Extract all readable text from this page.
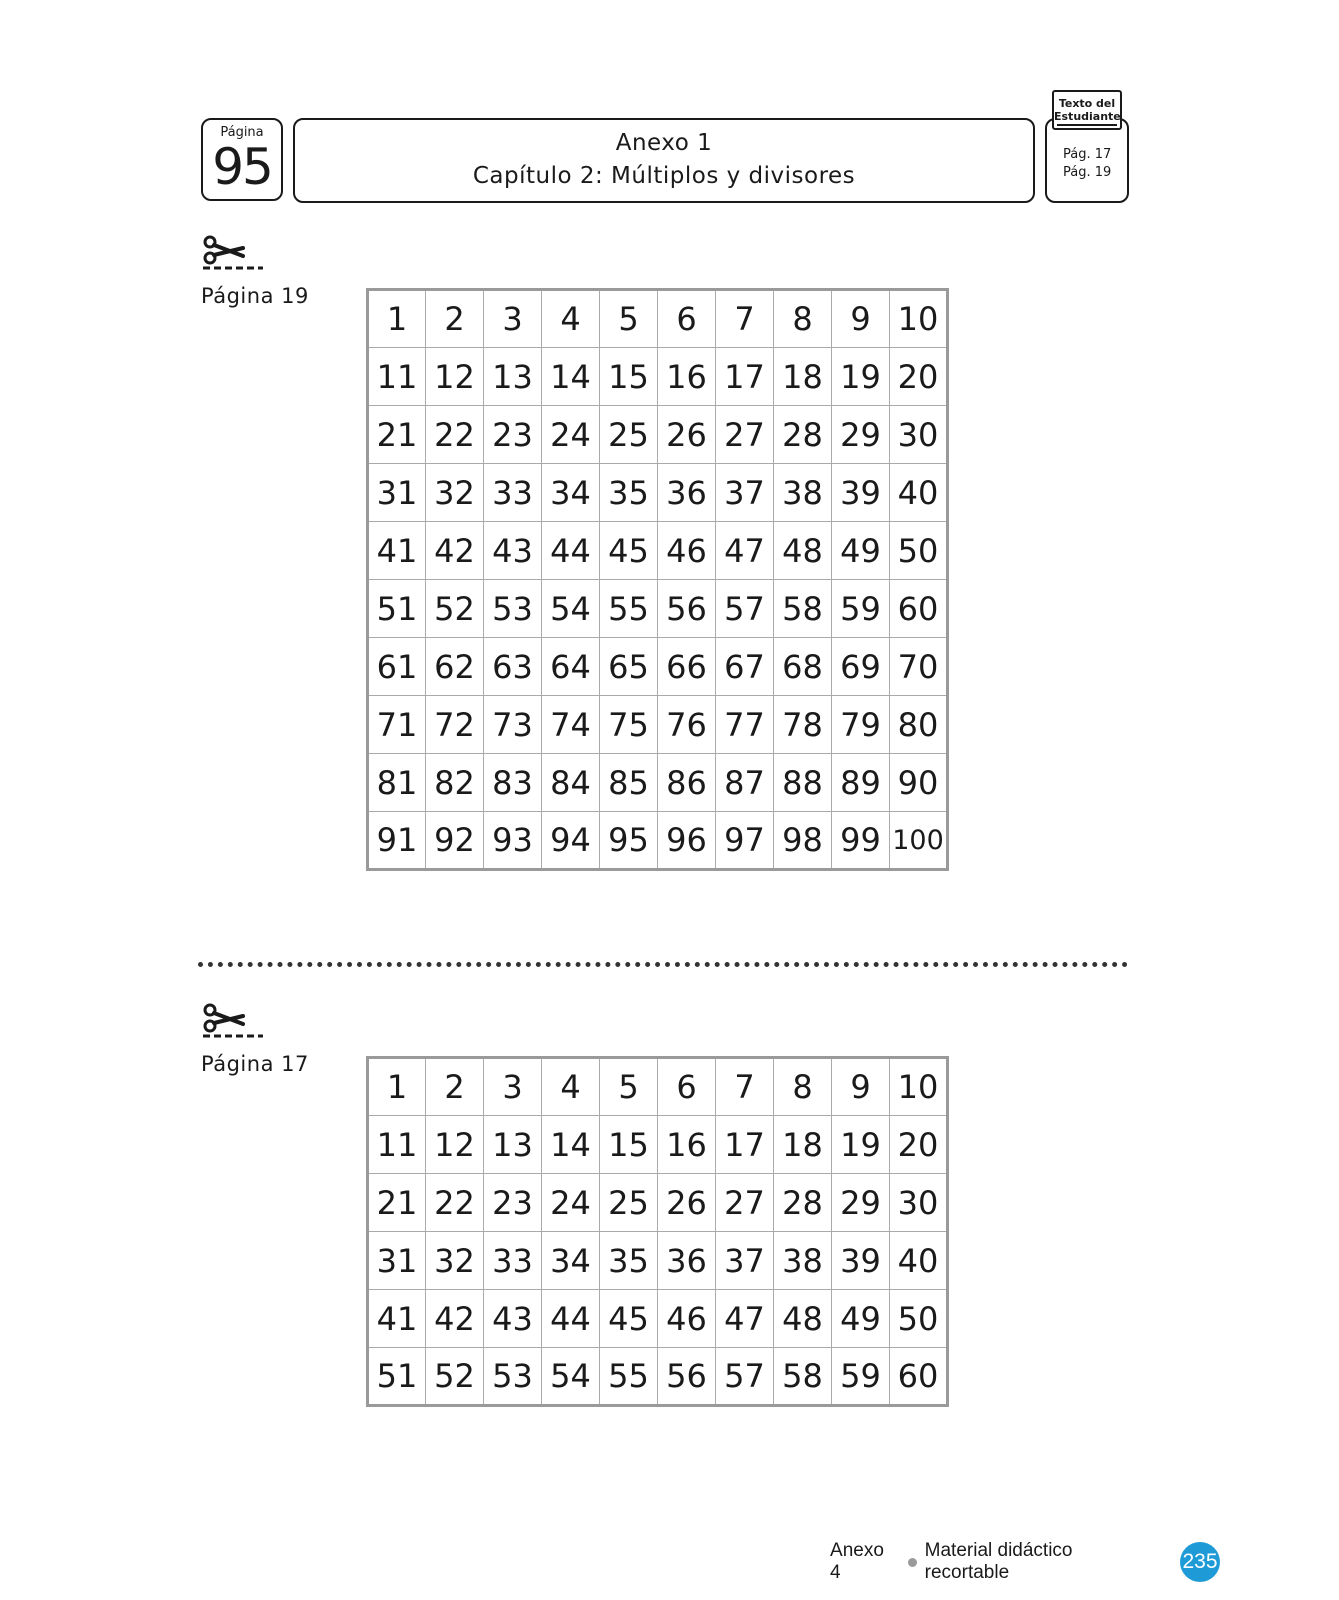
Página
95	Anexo 1
Capítulo 2: Múltiplos y divisores
Pág. 17
Pág. 19
Texto del
Estudiante
Página 19
1	2	3	4	5	6	7	8	9	10
11	12	13	14	15	16	17	18	19	20
21	22	23	24	25	26	27	28	29	30
31	32	33	34	35	36	37	38	39	40
41	42	43	44	45	46	47	48	49	50
51	52	53	54	55	56	57	58	59	60
61	62	63	64	65	66	67	68	69	70
71	72	73	74	75	76	77	78	79	80
81	82	83	84	85	86	87	88	89	90
91	92	93	94	95	96	97	98	99	100
Página 17
1	2	3	4	5	6	7	8	9	10
11	12	13	14	15	16	17	18	19	20
21	22	23	24	25	26	27	28	29	30
31	32	33	34	35	36	37	38	39	40
41	42	43	44	45	46	47	48	49	50
51	52	53	54	55	56	57	58	59	60
Anexo 4
Material didáctico recortable	235
